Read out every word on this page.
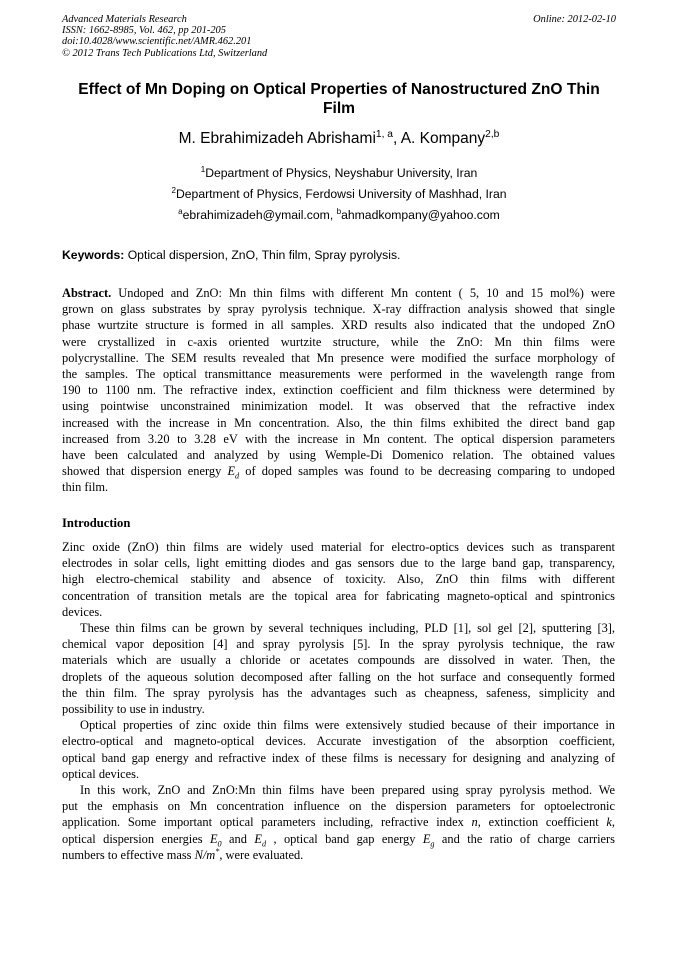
Advanced Materials Research
ISSN: 1662-8985, Vol. 462, pp 201-205
doi:10.4028/www.scientific.net/AMR.462.201
© 2012 Trans Tech Publications Ltd, Switzerland
Online: 2012-02-10
Effect of Mn Doping on Optical Properties of Nanostructured ZnO Thin Film
M. Ebrahimizadeh Abrishami$^{1, a}$, A. Kompany$^{2,b}$
$^1$Department of Physics, Neyshabur University, Iran
$^2$Department of Physics, Ferdowsi University of Mashhad, Iran
$^a$ebrahimizadeh@ymail.com, $^b$ahmadkompany@yahoo.com
Keywords: Optical dispersion, ZnO, Thin film, Spray pyrolysis.
Abstract. Undoped and ZnO: Mn thin films with different Mn content ( 5, 10 and 15 mol%) were
grown on glass substrates by spray pyrolysis technique. X-ray diffraction analysis showed that single
phase wurtzite structure is formed in all samples. XRD results also indicated that the undoped ZnO
were crystallized in c-axis oriented wurtzite structure, while the ZnO: Mn thin films were
polycrystalline. The SEM results revealed that Mn presence were modified the surface morphology of
the samples. The optical transmittance measurements were performed in the wavelength range from
190 to 1100 nm. The refractive index, extinction coefficient and film thickness were determined by
using pointwise unconstrained minimization model. It was observed that the refractive index
increased with the increase in Mn concentration. Also, the thin films exhibited the direct band gap
increased from 3.20 to 3.28 eV with the increase in Mn content. The optical dispersion parameters
have been calculated and analyzed by using Wemple-Di Domenico relation. The obtained values
showed that dispersion energy $E_d$ of doped samples was found to be decreasing comparing to undoped
thin film.
Introduction

Zinc oxide (ZnO) thin films are widely used material for electro-optics devices such as transparent
electrodes in solar cells, light emitting diodes and gas sensors due to the large band gap, transparency,
high electro-chemical stability and absence of toxicity. Also, ZnO thin films with different
concentration of transition metals are the topical area for fabricating magneto-optical and spintronics
devices.

These thin films can be grown by several techniques including, PLD [1], sol gel [2], sputtering [3],
chemical vapor deposition [4] and spray pyrolysis [5]. In the spray pyrolysis technique, the raw
materials which are usually a chloride or acetates compounds are dissolved in water. Then, the
droplets of the aqueous solution decomposed after falling on the hot surface and consequently formed
the thin film. The spray pyrolysis has the advantages such as cheapness, safeness, simplicity and
possibility to use in industry.

Optical properties of zinc oxide thin films were extensively studied because of their importance in
electro-optical and magneto-optical devices. Accurate investigation of the absorption coefficient,
optical band gap energy and refractive index of these films is necessary for designing and analyzing of
optical devices.

In this work, ZnO and ZnO:Mn thin films have been prepared using spray pyrolysis method. We
put the emphasis on Mn concentration influence on the dispersion parameters for optoelectronic
application. Some important optical parameters including, refractive index n, extinction coefficient k,
optical dispersion energies $E_0$ and $E_d$ , optical band gap energy $E_g$ and the ratio of charge carriers
numbers to effective mass N/m*, were evaluated.
